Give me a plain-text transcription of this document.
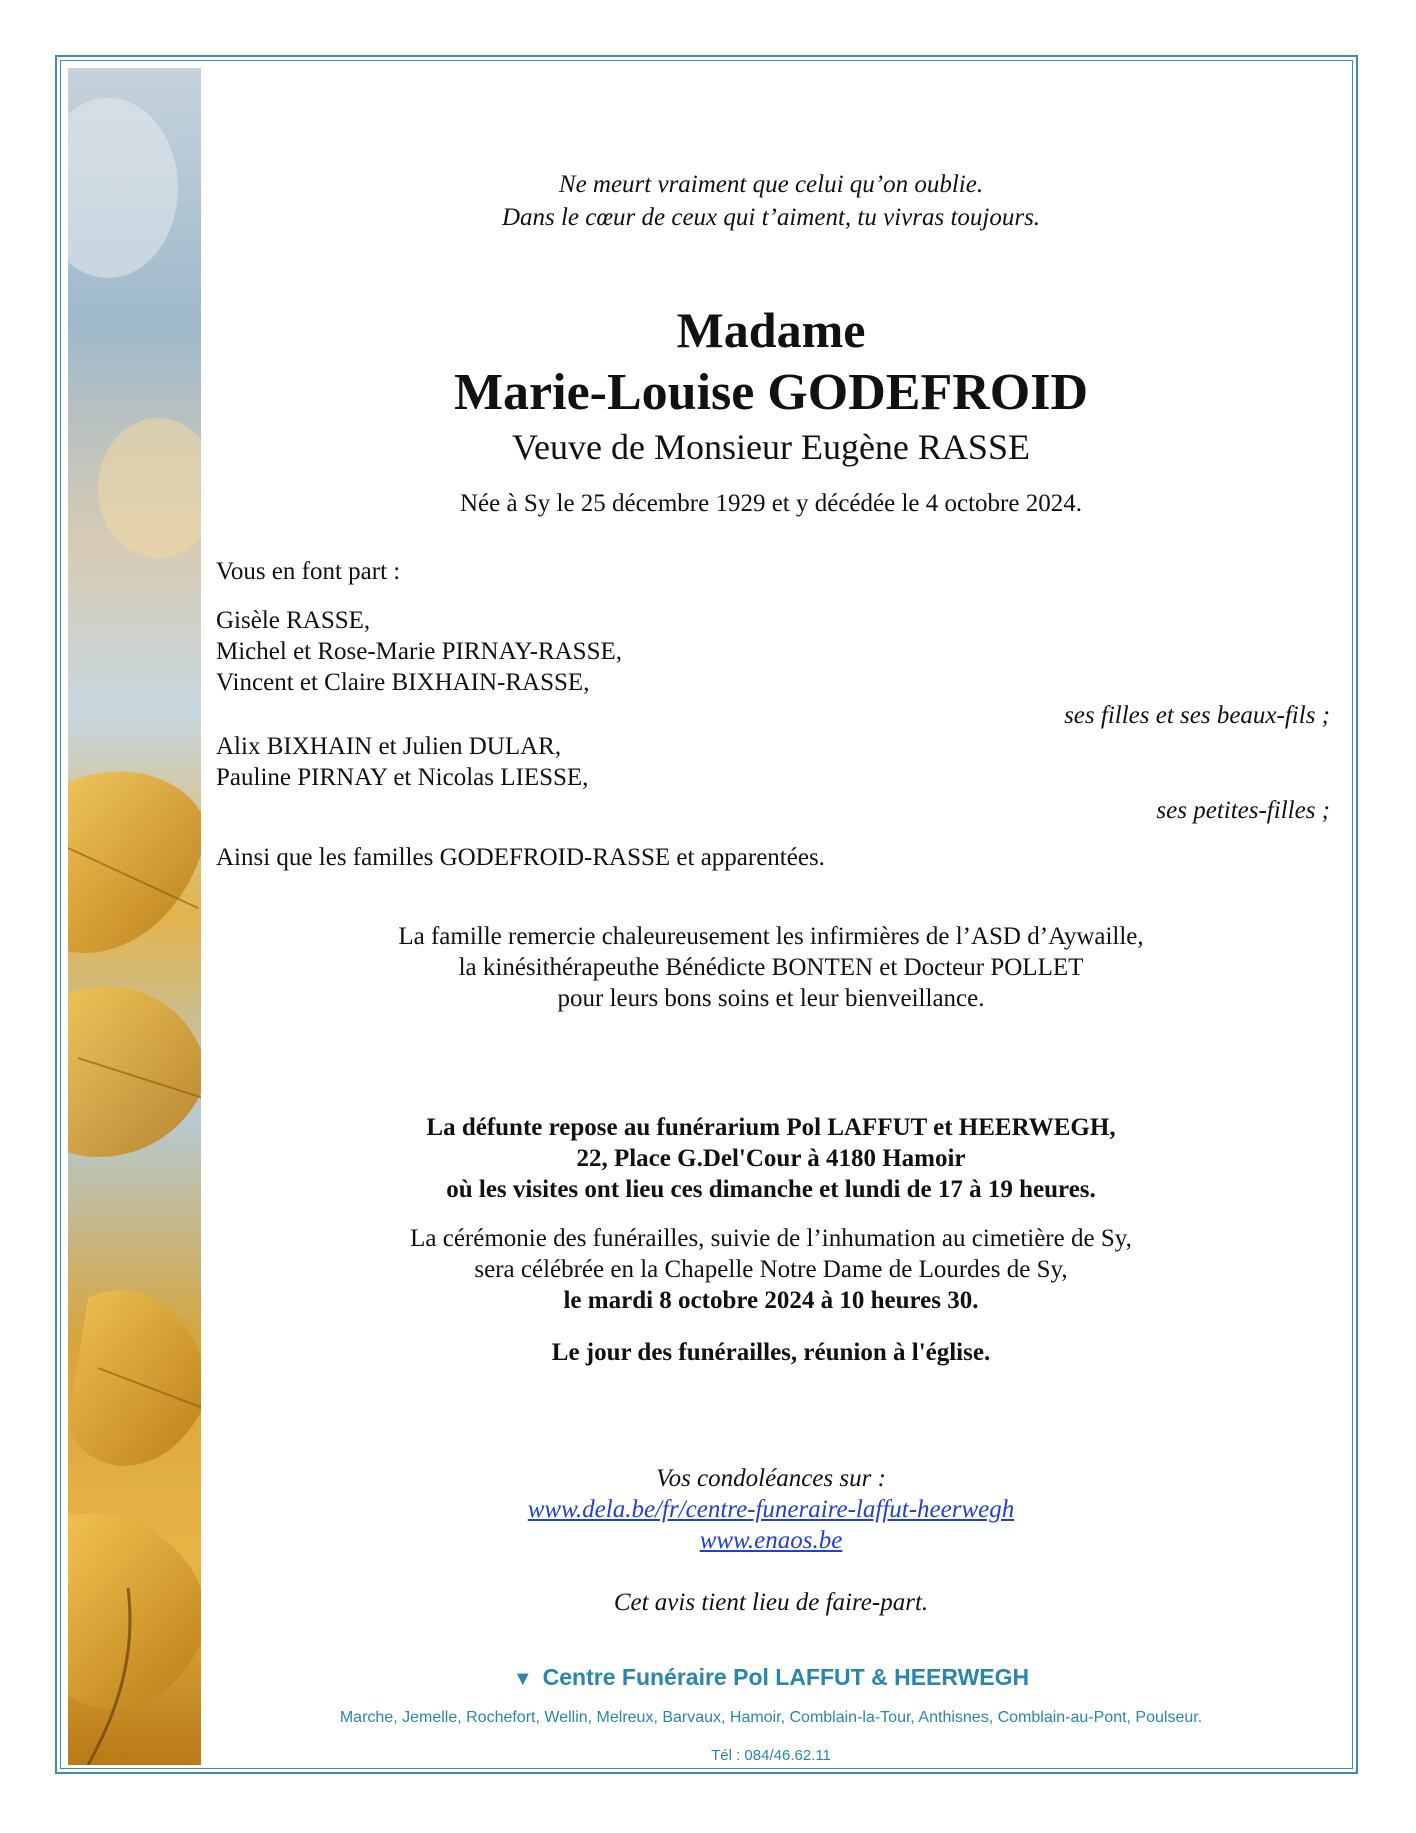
Ne meurt vraiment que celui qu’on oublie.
Dans le cœur de ceux qui t’aiment, tu vivras toujours.
Madame
Marie-Louise GODEFROID
Veuve de Monsieur Eugène RASSE
Née à Sy le 25 décembre 1929 et y décédée le 4 octobre 2024.
Vous en font part :
Gisèle RASSE,
Michel et Rose-Marie PIRNAY-RASSE,
Vincent et Claire BIXHAIN-RASSE,
ses filles et ses beaux-fils ;
Alix BIXHAIN et Julien DULAR,
Pauline PIRNAY et Nicolas LIESSE,
ses petites-filles ;
Ainsi que les familles GODEFROID-RASSE et apparentées.
La famille remercie chaleureusement les infirmières de l’ASD d’Aywaille,
la kinésithérapeuthe Bénédicte BONTEN et Docteur POLLET
pour leurs bons soins et leur bienveillance.
La défunte repose au funérarium Pol LAFFUT et HEERWEGH,
22, Place G.Del'Cour à 4180 Hamoir
où les visites ont lieu ces dimanche et lundi de 17 à 19 heures.
La cérémonie des funérailles, suivie de l’inhumation au cimetière de Sy,
sera célébrée en la Chapelle Notre Dame de Lourdes de Sy,
le mardi 8 octobre 2024 à 10 heures 30.
Le jour des funérailles, réunion à l'église.
Vos condoléances sur :
www.dela.be/fr/centre-funeraire-laffut-heerwegh
www.enaos.be
Cet avis tient lieu de faire-part.
▼ Centre Funéraire Pol LAFFUT & HEERWEGH
Marche, Jemelle, Rochefort, Wellin, Melreux, Barvaux, Hamoir, Comblain-la-Tour, Anthisnes, Comblain-au-Pont, Poulseur.
Tél : 084/46.62.11
